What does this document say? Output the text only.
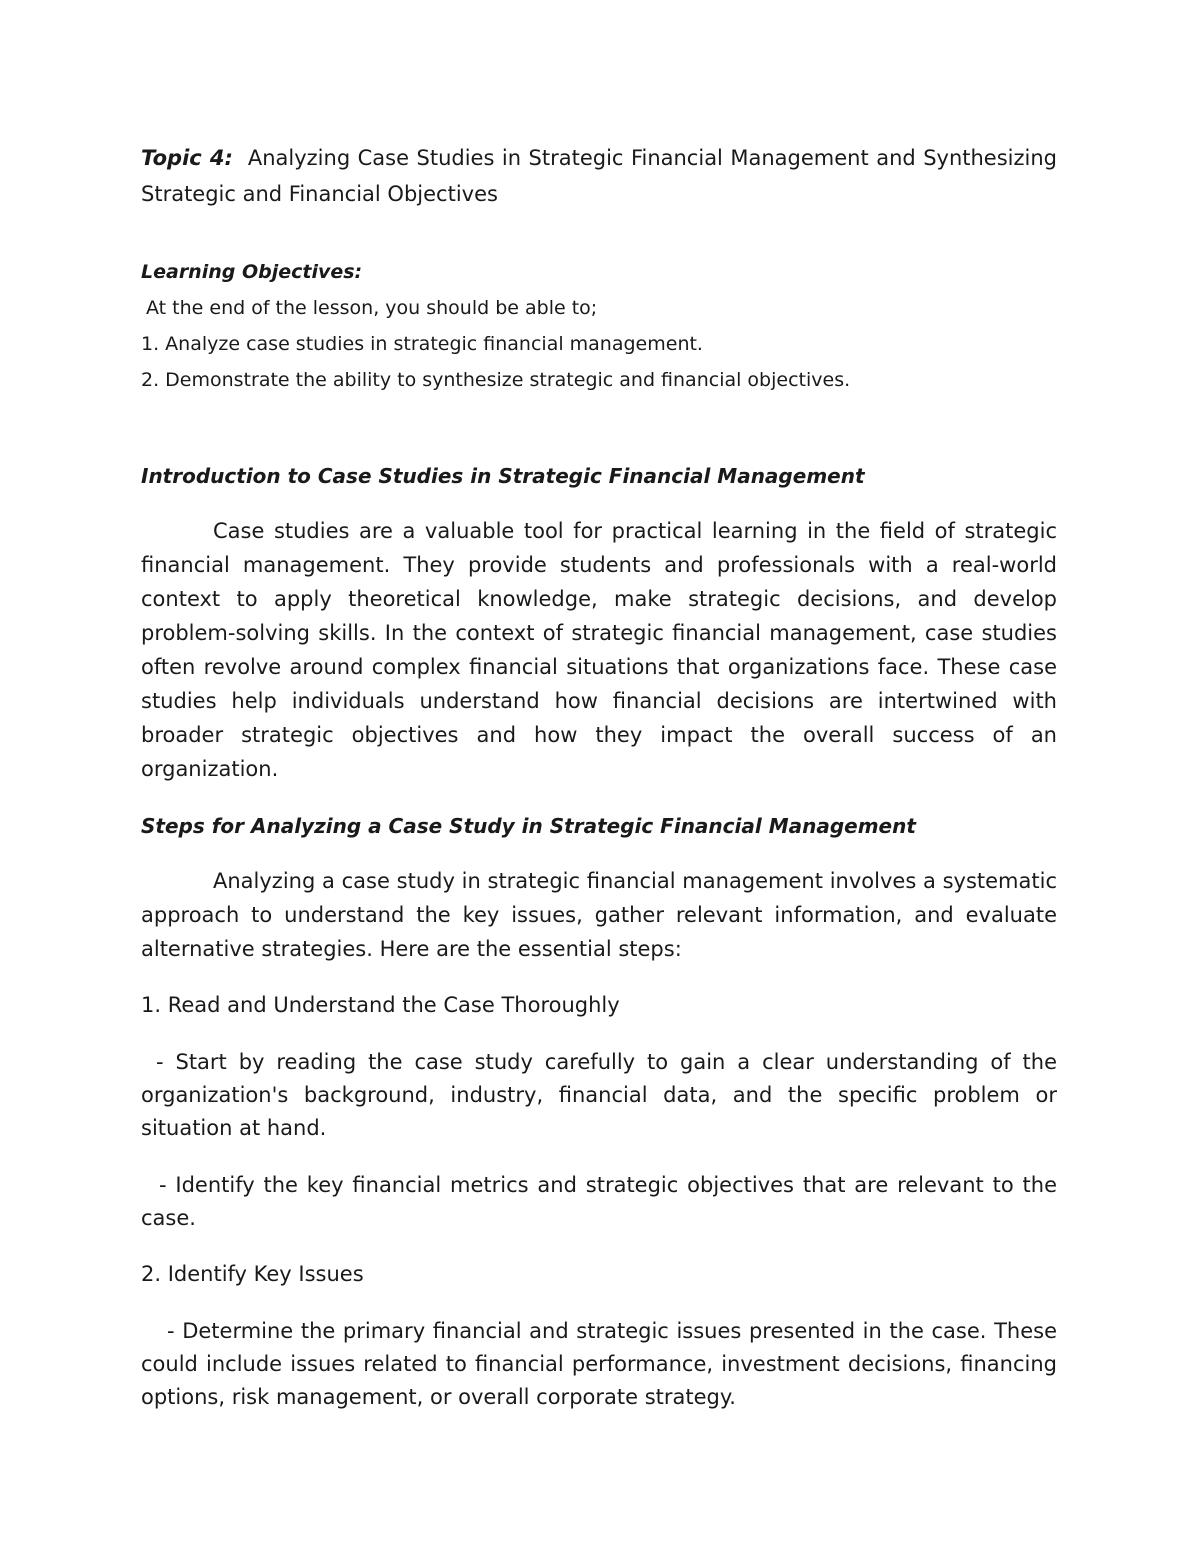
Topic 4: Analyzing Case Studies in Strategic Financial Management and Synthesizing Strategic and Financial Objectives

Learning Objectives:

At the end of the lesson, you should be able to;

1. Analyze case studies in strategic financial management.

2. Demonstrate the ability to synthesize strategic and financial objectives.

Introduction to Case Studies in Strategic Financial Management

Case studies are a valuable tool for practical learning in the field of strategic financial management. They provide students and professionals with a real-world context to apply theoretical knowledge, make strategic decisions, and develop problem-solving skills. In the context of strategic financial management, case studies often revolve around complex financial situations that organizations face. These case studies help individuals understand how financial decisions are intertwined with broader strategic objectives and how they impact the overall success of an organization.

Steps for Analyzing a Case Study in Strategic Financial Management

Analyzing a case study in strategic financial management involves a systematic approach to understand the key issues, gather relevant information, and evaluate alternative strategies. Here are the essential steps:

1. Read and Understand the Case Thoroughly

- Start by reading the case study carefully to gain a clear understanding of the organization's background, industry, financial data, and the specific problem or situation at hand.

- Identify the key financial metrics and strategic objectives that are relevant to the case.

2. Identify Key Issues

- Determine the primary financial and strategic issues presented in the case. These could include issues related to financial performance, investment decisions, financing options, risk management, or overall corporate strategy.
